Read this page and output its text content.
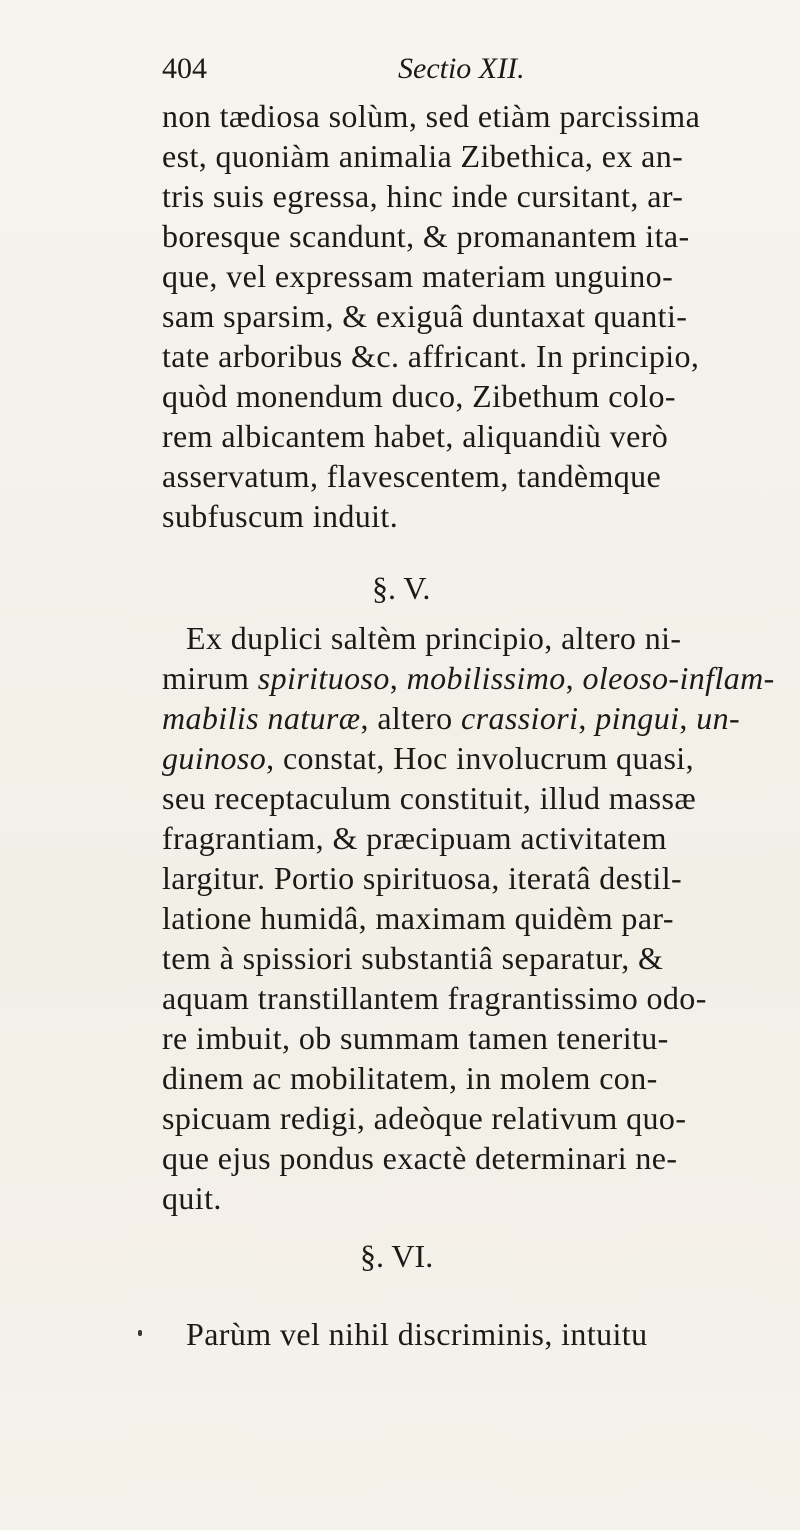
404	Sectio XII.
non tædiosa solùm, sed etiàm parcissima
est, quoniàm animalia Zibethica, ex an-
tris suis egressa, hinc inde cursitant, ar-
boresque scandunt, & promanantem ita-
que, vel expressam materiam unguino-
sam sparsim, & exiguâ duntaxat quanti-
tate arboribus &c. affricant. In principio,
quòd monendum duco, Zibethum colo-
rem albicantem habet, aliquandiù verò
asservatum, flavescentem, tandèmque
subfuscum induit.
§. V.
Ex duplici saltèm principio, altero ni-
mirum spirituoso, mobilissimo, oleoso-inflam-
mabilis naturæ, altero crassiori, pingui, un-
guinoso, constat, Hoc involucrum quasi,
seu receptaculum constituit, illud massæ
fragrantiam, & præcipuam activitatem
largitur. Portio spirituosa, iteratâ destil-
latione humidâ, maximam quidèm par-
tem à spissiori substantiâ separatur, &
aquam transtillantem fragrantissimo odo-
re imbuit, ob summam tamen teneritu-
dinem ac mobilitatem, in molem con-
spicuam redigi, adeòque relativum quo-
que ejus pondus exactè determinari ne-
quit.
§. VI.
Parùm vel nihil discriminis, intuitu
